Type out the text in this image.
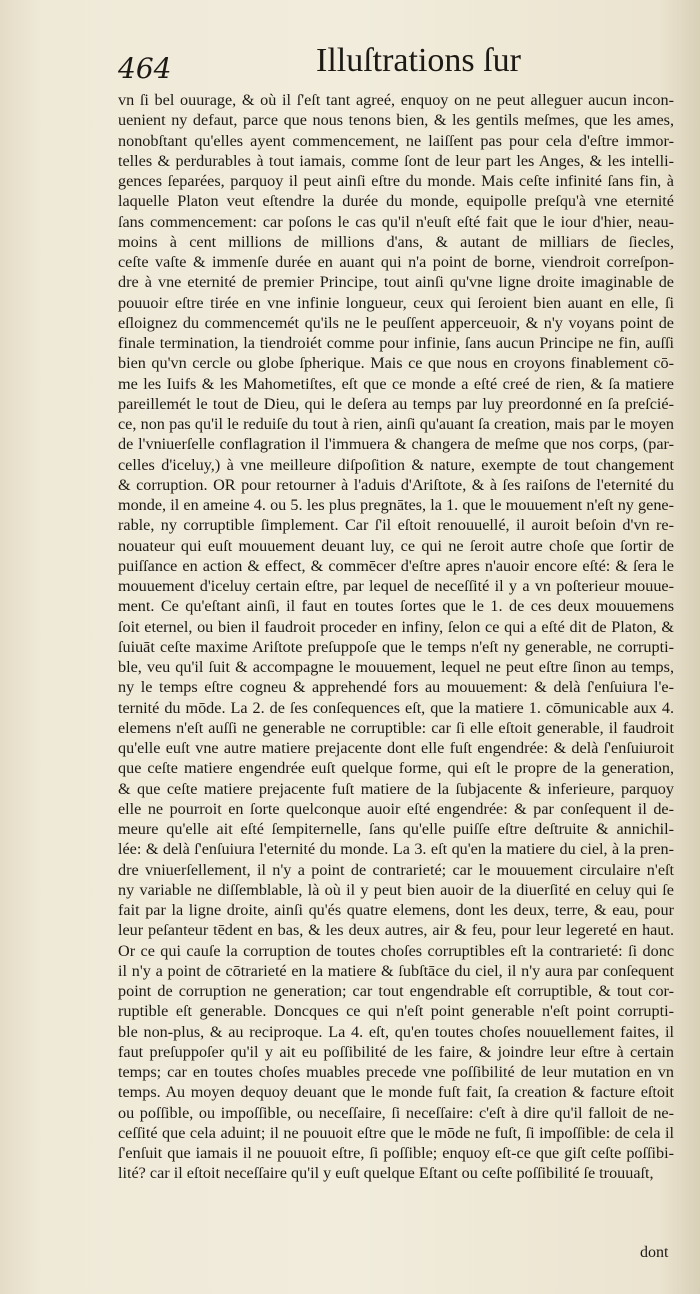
464	Illuſtrations ſur
vn ſi bel ouurage, & où il ſ'eſt tant agreé, enquoy on ne peut alleguer aucun incon-
uenient ny defaut, parce que nous tenons bien, & les gentils meſmes, que les ames,
nonobſtant qu'elles ayent commencement, ne laiſſent pas pour cela d'eſtre immor-
telles & perdurables à tout iamais, comme ſont de leur part les Anges, & les intelli-
gences ſeparées, parquoy il peut ainſi eſtre du monde. Mais ceſte infinité ſans fin, à
laquelle Platon veut eſtendre la durée du monde, equipolle preſqu'à vne eternité
ſans commencement: car poſons le cas qu'il n'euſt eſté fait que le iour d'hier, neau-
moins à cent millions de millions d'ans, & autant de milliars de ſiecles,
ceſte vaſte & immenſe durée en auant qui n'a point de borne, viendroit correſpon-
dre à vne eternité de premier Principe, tout ainſi qu'vne ligne droite imaginable de
pouuoir eſtre tirée en vne infinie longueur, ceux qui ſeroient bien auant en elle, ſi
eſloignez du commencemét qu'ils ne le peuſſent apperceuoir, & n'y voyans point de
finale termination, la tiendroiét comme pour infinie, ſans aucun Principe ne fin, auſſi
bien qu'vn cercle ou globe ſpherique. Mais ce que nous en croyons finablement cō-
me les Iuifs & les Mahometiſtes, eſt que ce monde a eſté creé de rien, & ſa matiere
pareillemét le tout de Dieu, qui le deſera au temps par luy preordonné en ſa preſcié-
ce, non pas qu'il le reduiſe du tout à rien, ainſi qu'auant ſa creation, mais par le moyen
de l'vniuerſelle conflagration il l'immuera & changera de meſme que nos corps, (par-
celles d'iceluy,) à vne meilleure diſpoſition & nature, exempte de tout changement
& corruption. OR pour retourner à l'aduis d'Ariſtote, & à ſes raiſons de l'eternité du
monde, il en ameine 4. ou 5. les plus pregnātes, la 1. que le mouuement n'eſt ny gene-
rable, ny corruptible ſimplement. Car ſ'il eſtoit renouuellé, il auroit beſoin d'vn re-
nouateur qui euſt mouuement deuant luy, ce qui ne ſeroit autre choſe que ſortir de
puiſſance en action & effect, & commēcer d'eſtre apres n'auoir encore eſté: & ſera le
mouuement d'iceluy certain eſtre, par lequel de neceſſité il y a vn poſterieur mouue-
ment. Ce qu'eſtant ainſi, il faut en toutes ſortes que le 1. de ces deux mouuemens
ſoit eternel, ou bien il faudroit proceder en infiny, ſelon ce qui a eſté dit de Platon, &
ſuiuāt ceſte maxime Ariſtote preſuppoſe que le temps n'eſt ny generable, ne corrupti-
ble, veu qu'il ſuit & accompagne le mouuement, lequel ne peut eſtre ſinon au temps,
ny le temps eſtre cogneu & apprehendé fors au mouuement: & delà ſ'enſuiura l'e-
ternité du mōde. La 2. de ſes conſequences eſt, que la matiere 1. cōmunicable aux 4.
elemens n'eſt auſſi ne generable ne corruptible: car ſi elle eſtoit generable, il faudroit
qu'elle euſt vne autre matiere prejacente dont elle fuſt engendrée: & delà ſ'enſuiuroit
que ceſte matiere engendrée euſt quelque forme, qui eſt le propre de la generation,
& que ceſte matiere prejacente fuſt matiere de la ſubjacente & inferieure, parquoy
elle ne pourroit en ſorte quelconque auoir eſté engendrée: & par conſequent il de-
meure qu'elle ait eſté ſempiternelle, ſans qu'elle puiſſe eſtre deſtruite & annichil-
lée: & delà ſ'enſuiura l'eternité du monde. La 3. eſt qu'en la matiere du ciel, à la pren-
dre vniuerſellement, il n'y a point de contrarieté; car le mouuement circulaire n'eſt
ny variable ne diſſemblable, là où il y peut bien auoir de la diuerſité en celuy qui ſe
fait par la ligne droite, ainſi qu'és quatre elemens, dont les deux, terre, & eau, pour
leur peſanteur tēdent en bas, & les deux autres, air & feu, pour leur legereté en haut.
Or ce qui cauſe la corruption de toutes choſes corruptibles eſt la contrarieté: ſi donc
il n'y a point de cōtrarieté en la matiere & ſubſtāce du ciel, il n'y aura par conſequent
point de corruption ne generation; car tout engendrable eſt corruptible, & tout cor-
ruptible eſt generable. Doncques ce qui n'eſt point generable n'eſt point corrupti-
ble non-plus, & au reciproque. La 4. eſt, qu'en toutes choſes nouuellement faites, il
faut preſuppoſer qu'il y ait eu poſſibilité de les faire, & joindre leur eſtre à certain
temps; car en toutes choſes muables precede vne poſſibilité de leur mutation en vn
temps. Au moyen dequoy deuant que le monde fuſt fait, ſa creation & facture eſtoit
ou poſſible, ou impoſſible, ou neceſſaire, ſi neceſſaire: c'eſt à dire qu'il falloit de ne-
ceſſité que cela aduint; il ne pouuoit eſtre que le mōde ne fuſt, ſi impoſſible: de cela il
ſ'enſuit que iamais il ne pouuoit eſtre, ſi poſſible; enquoy eſt-ce que giſt ceſte poſſibi-
lité? car il eſtoit neceſſaire qu'il y euſt quelque Eſtant ou ceſte poſſibilité ſe trouuaſt,
dont
